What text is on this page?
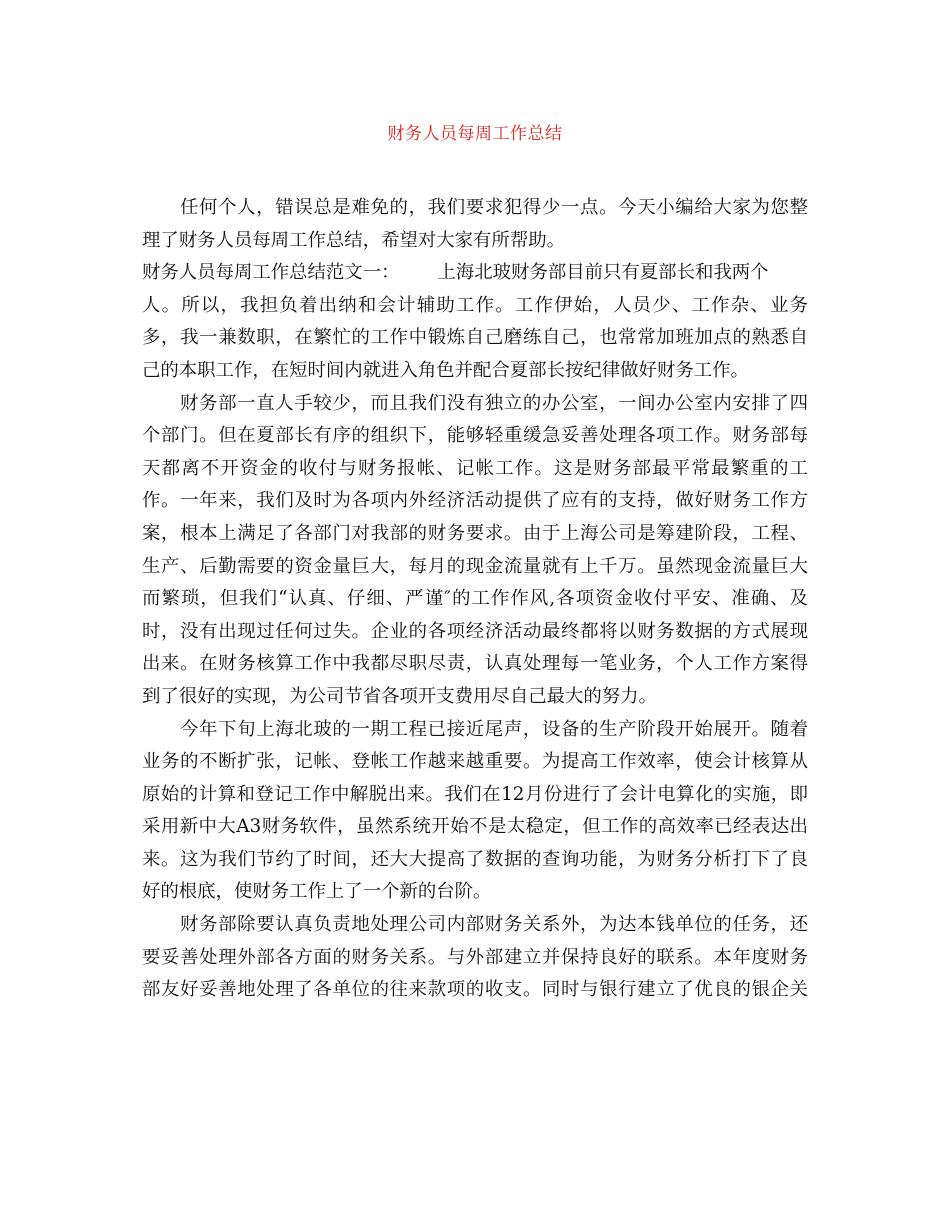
财务人员每周工作总结
任何个人，错误总是难免的，我们要求犯得少一点。今天小编给大家为您整
理了财务人员每周工作总结，希望对大家有所帮助。
财务人员每周工作总结范文一： 上海北玻财务部目前只有夏部长和我两个
人。所以，我担负着出纳和会计辅助工作。工作伊始，人员少、工作杂、业务
多，我一兼数职，在繁忙的工作中锻炼自己磨练自己，也常常加班加点的熟悉自
己的本职工作，在短时间内就进入角色并配合夏部长按纪律做好财务工作。
财务部一直人手较少，而且我们没有独立的办公室，一间办公室内安排了四
个部门。但在夏部长有序的组织下，能够轻重缓急妥善处理各项工作。财务部每
天都离不开资金的收付与财务报帐、记帐工作。这是财务部最平常最繁重的工
作。一年来，我们及时为各项内外经济活动提供了应有的支持，做好财务工作方
案，根本上满足了各部门对我部的财务要求。由于上海公司是筹建阶段，工程、
生产、后勤需要的资金量巨大，每月的现金流量就有上千万。虽然现金流量巨大
而繁琐，但我们“认真、仔细、严谨″的工作作风,各项资金收付平安、准确、及
时，没有出现过任何过失。企业的各项经济活动最终都将以财务数据的方式展现
出来。在财务核算工作中我都尽职尽责，认真处理每一笔业务，个人工作方案得
到了很好的实现，为公司节省各项开支费用尽自己最大的努力。
今年下旬上海北玻的一期工程已接近尾声，设备的生产阶段开始展开。随着
业务的不断扩张，记帐、登帐工作越来越重要。为提高工作效率，使会计核算从
原始的计算和登记工作中解脱出来。我们在12月份进行了会计电算化的实施，即
采用新中大A3财务软件，虽然系统开始不是太稳定，但工作的高效率已经表达出
来。这为我们节约了时间，还大大提高了数据的查询功能，为财务分析打下了良
好的根底，使财务工作上了一个新的台阶。
财务部除要认真负责地处理公司内部财务关系外，为达本钱单位的任务，还
要妥善处理外部各方面的财务关系。与外部建立并保持良好的联系。本年度财务
部友好妥善地处理了各单位的往来款项的收支。同时与银行建立了优良的银企关
